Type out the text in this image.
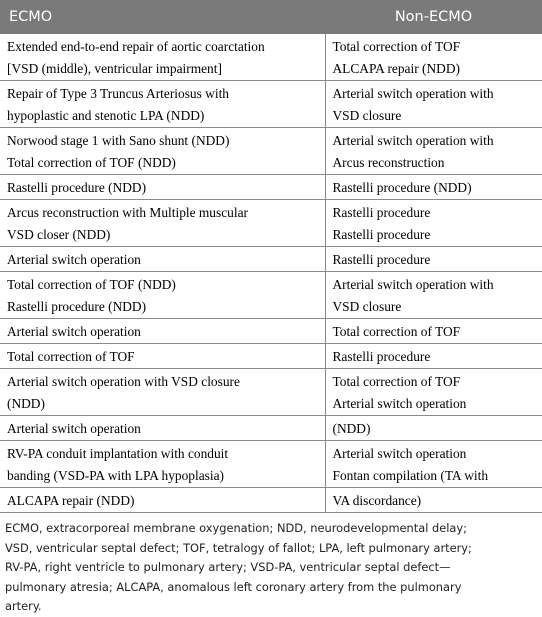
ECMO	Non-ECMO

Extended end-to-end repair of aortic coarctation
[VSD (middle), ventricular impairment]	Total correction of TOF
ALCAPA repair (NDD)

Repair of Type 3 Truncus Arteriosus with
hypoplastic and stenotic LPA (NDD)	Arterial switch operation with
VSD closure

Norwood stage 1 with Sano shunt (NDD)
Total correction of TOF (NDD)	Arterial switch operation with
Arcus reconstruction

Rastelli procedure (NDD)	Rastelli procedure (NDD)

Arcus reconstruction with Multiple muscular
VSD closer (NDD)	Rastelli procedure
Rastelli procedure

Arterial switch operation	Rastelli procedure

Total correction of TOF (NDD)
Rastelli procedure (NDD)	Arterial switch operation with
VSD closure

Arterial switch operation	Total correction of TOF

Total correction of TOF	Rastelli procedure

Arterial switch operation with VSD closure
(NDD)	Total correction of TOF
Arterial switch operation

Arterial switch operation	(NDD)

RV-PA conduit implantation with conduit
banding (VSD-PA with LPA hypoplasia)	Arterial switch operation
Fontan compilation (TA with

ALCAPA repair (NDD)	VA discordance)
ECMO, extracorporeal membrane oxygenation; NDD, neurodevelopmental delay;
VSD, ventricular septal defect; TOF, tetralogy of fallot; LPA, left pulmonary artery;
RV-PA, right ventricle to pulmonary artery; VSD-PA, ventricular septal defect—
pulmonary atresia; ALCAPA, anomalous left coronary artery from the pulmonary
artery.
